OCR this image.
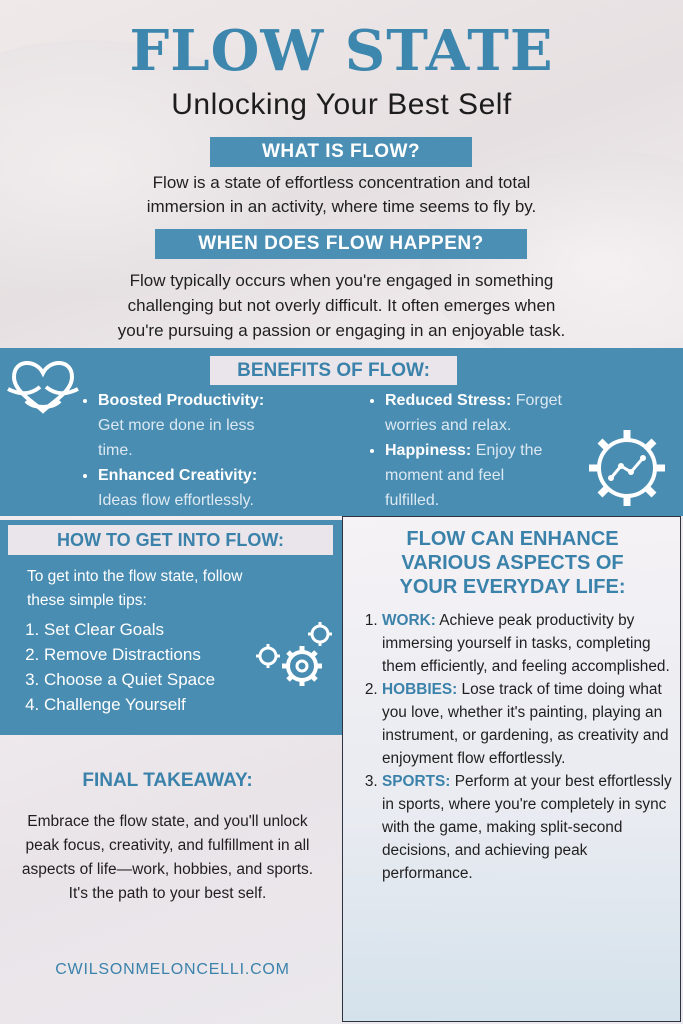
FLOW STATE
Unlocking Your Best Self
WHAT IS FLOW?
Flow is a state of effortless concentration and total
immersion in an activity, where time seems to fly by.
WHEN DOES FLOW HAPPEN?
Flow typically occurs when you're engaged in something
challenging but not overly difficult. It often emerges when
you're pursuing a passion or engaging in an enjoyable task.
BENEFITS OF FLOW:
• Boosted Productivity:
Get more done in less
time.
• Enhanced Creativity:
Ideas flow effortlessly.
• Reduced Stress: Forget
worries and relax.
• Happiness: Enjoy the
moment and feel
fulfilled.
HOW TO GET INTO FLOW:
To get into the flow state, follow
these simple tips:
1. Set Clear Goals
2. Remove Distractions
3. Choose a Quiet Space
4. Challenge Yourself
FLOW CAN ENHANCE
VARIOUS ASPECTS OF
YOUR EVERYDAY LIFE:
1. WORK: Achieve peak productivity by immersing yourself in tasks, completing them efficiently, and feeling accomplished.
2. HOBBIES: Lose track of time doing what you love, whether it's painting, playing an instrument, or gardening, as creativity and enjoyment flow effortlessly.
3. SPORTS: Perform at your best effortlessly in sports, where you're completely in sync with the game, making split-second decisions, and achieving peak performance.
FINAL TAKEAWAY:
Embrace the flow state, and you'll unlock peak focus, creativity, and fulfillment in all aspects of life—work, hobbies, and sports. It's the path to your best self.
CWILSONMELONCELLI.COM
